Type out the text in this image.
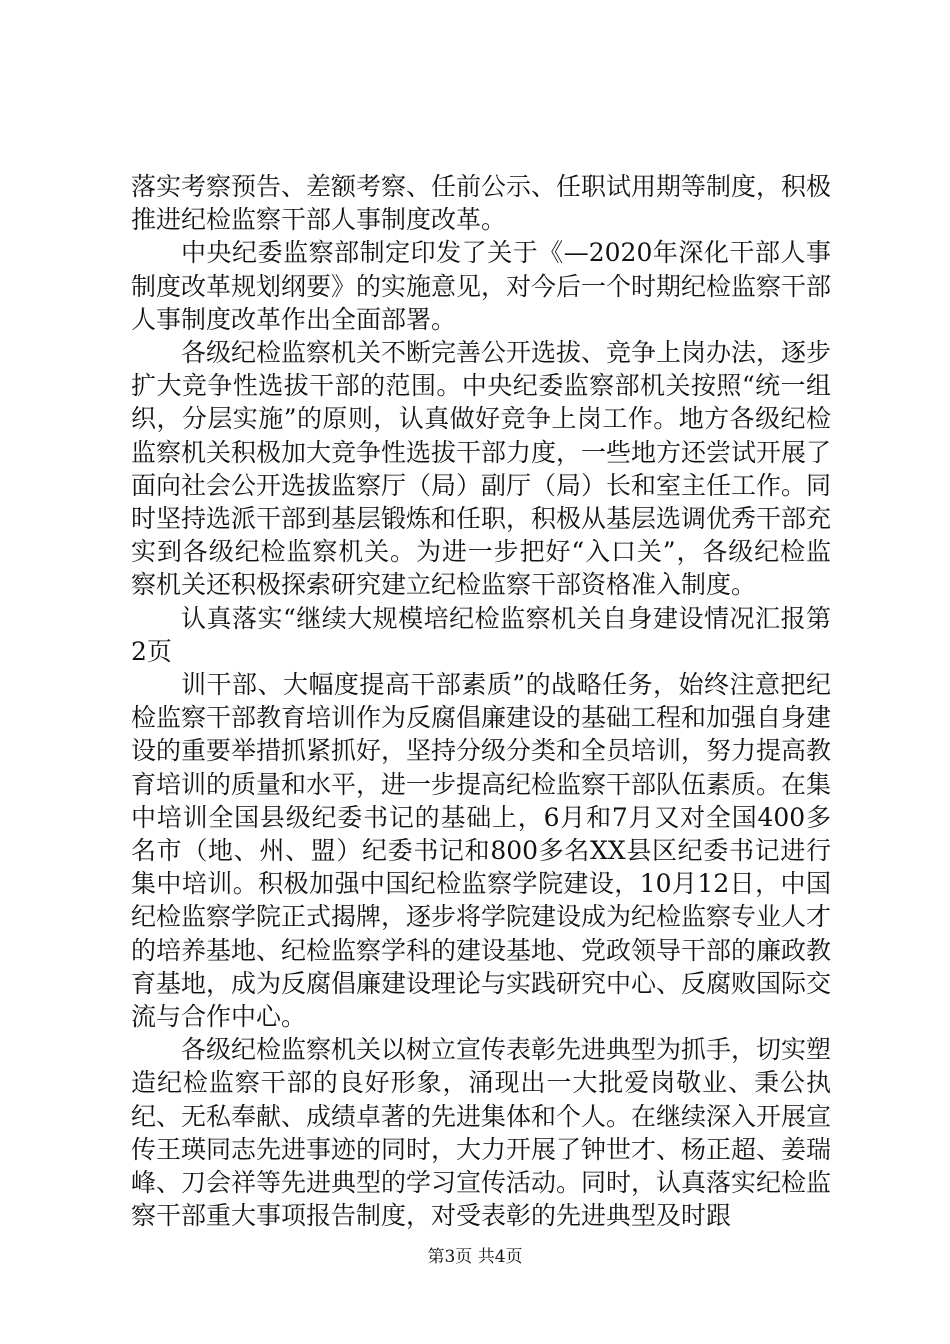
落实考察预告、差额考察、任前公示、任职试用期等制度，积极推进纪检监察干部人事制度改革。

中央纪委监察部制定印发了关于《—2020年深化干部人事制度改革规划纲要》的实施意见，对今后一个时期纪检监察干部人事制度改革作出全面部署。

各级纪检监察机关不断完善公开选拔、竞争上岗办法，逐步扩大竞争性选拔干部的范围。中央纪委监察部机关按照“统一组织，分层实施”的原则，认真做好竞争上岗工作。地方各级纪检监察机关积极加大竞争性选拔干部力度，一些地方还尝试开展了面向社会公开选拔监察厅（局）副厅（局）长和室主任工作。同时坚持选派干部到基层锻炼和任职，积极从基层选调优秀干部充实到各级纪检监察机关。为进一步把好“入口关”，各级纪检监察机关还积极探索研究建立纪检监察干部资格准入制度。

认真落实“继续大规模培纪检监察机关自身建设情况汇报第2页

训干部、大幅度提高干部素质”的战略任务，始终注意把纪检监察干部教育培训作为反腐倡廉建设的基础工程和加强自身建设的重要举措抓紧抓好，坚持分级分类和全员培训，努力提高教育培训的质量和水平，进一步提高纪检监察干部队伍素质。在集中培训全国县级纪委书记的基础上，6月和7月又对全国400多名市（地、州、盟）纪委书记和800多名XX县区纪委书记进行集中培训。积极加强中国纪检监察学院建设，10月12日，中国纪检监察学院正式揭牌，逐步将学院建设成为纪检监察专业人才的培养基地、纪检监察学科的建设基地、党政领导干部的廉政教育基地，成为反腐倡廉建设理论与实践研究中心、反腐败国际交流与合作中心。

各级纪检监察机关以树立宣传表彰先进典型为抓手，切实塑造纪检监察干部的良好形象，涌现出一大批爱岗敬业、秉公执纪、无私奉献、成绩卓著的先进集体和个人。在继续深入开展宣传王瑛同志先进事迹的同时，大力开展了钟世才、杨正超、姜瑞峰、刀会祥等先进典型的学习宣传活动。同时，认真落实纪检监察干部重大事项报告制度，对受表彰的先进典型及时跟

第3页 共4页
